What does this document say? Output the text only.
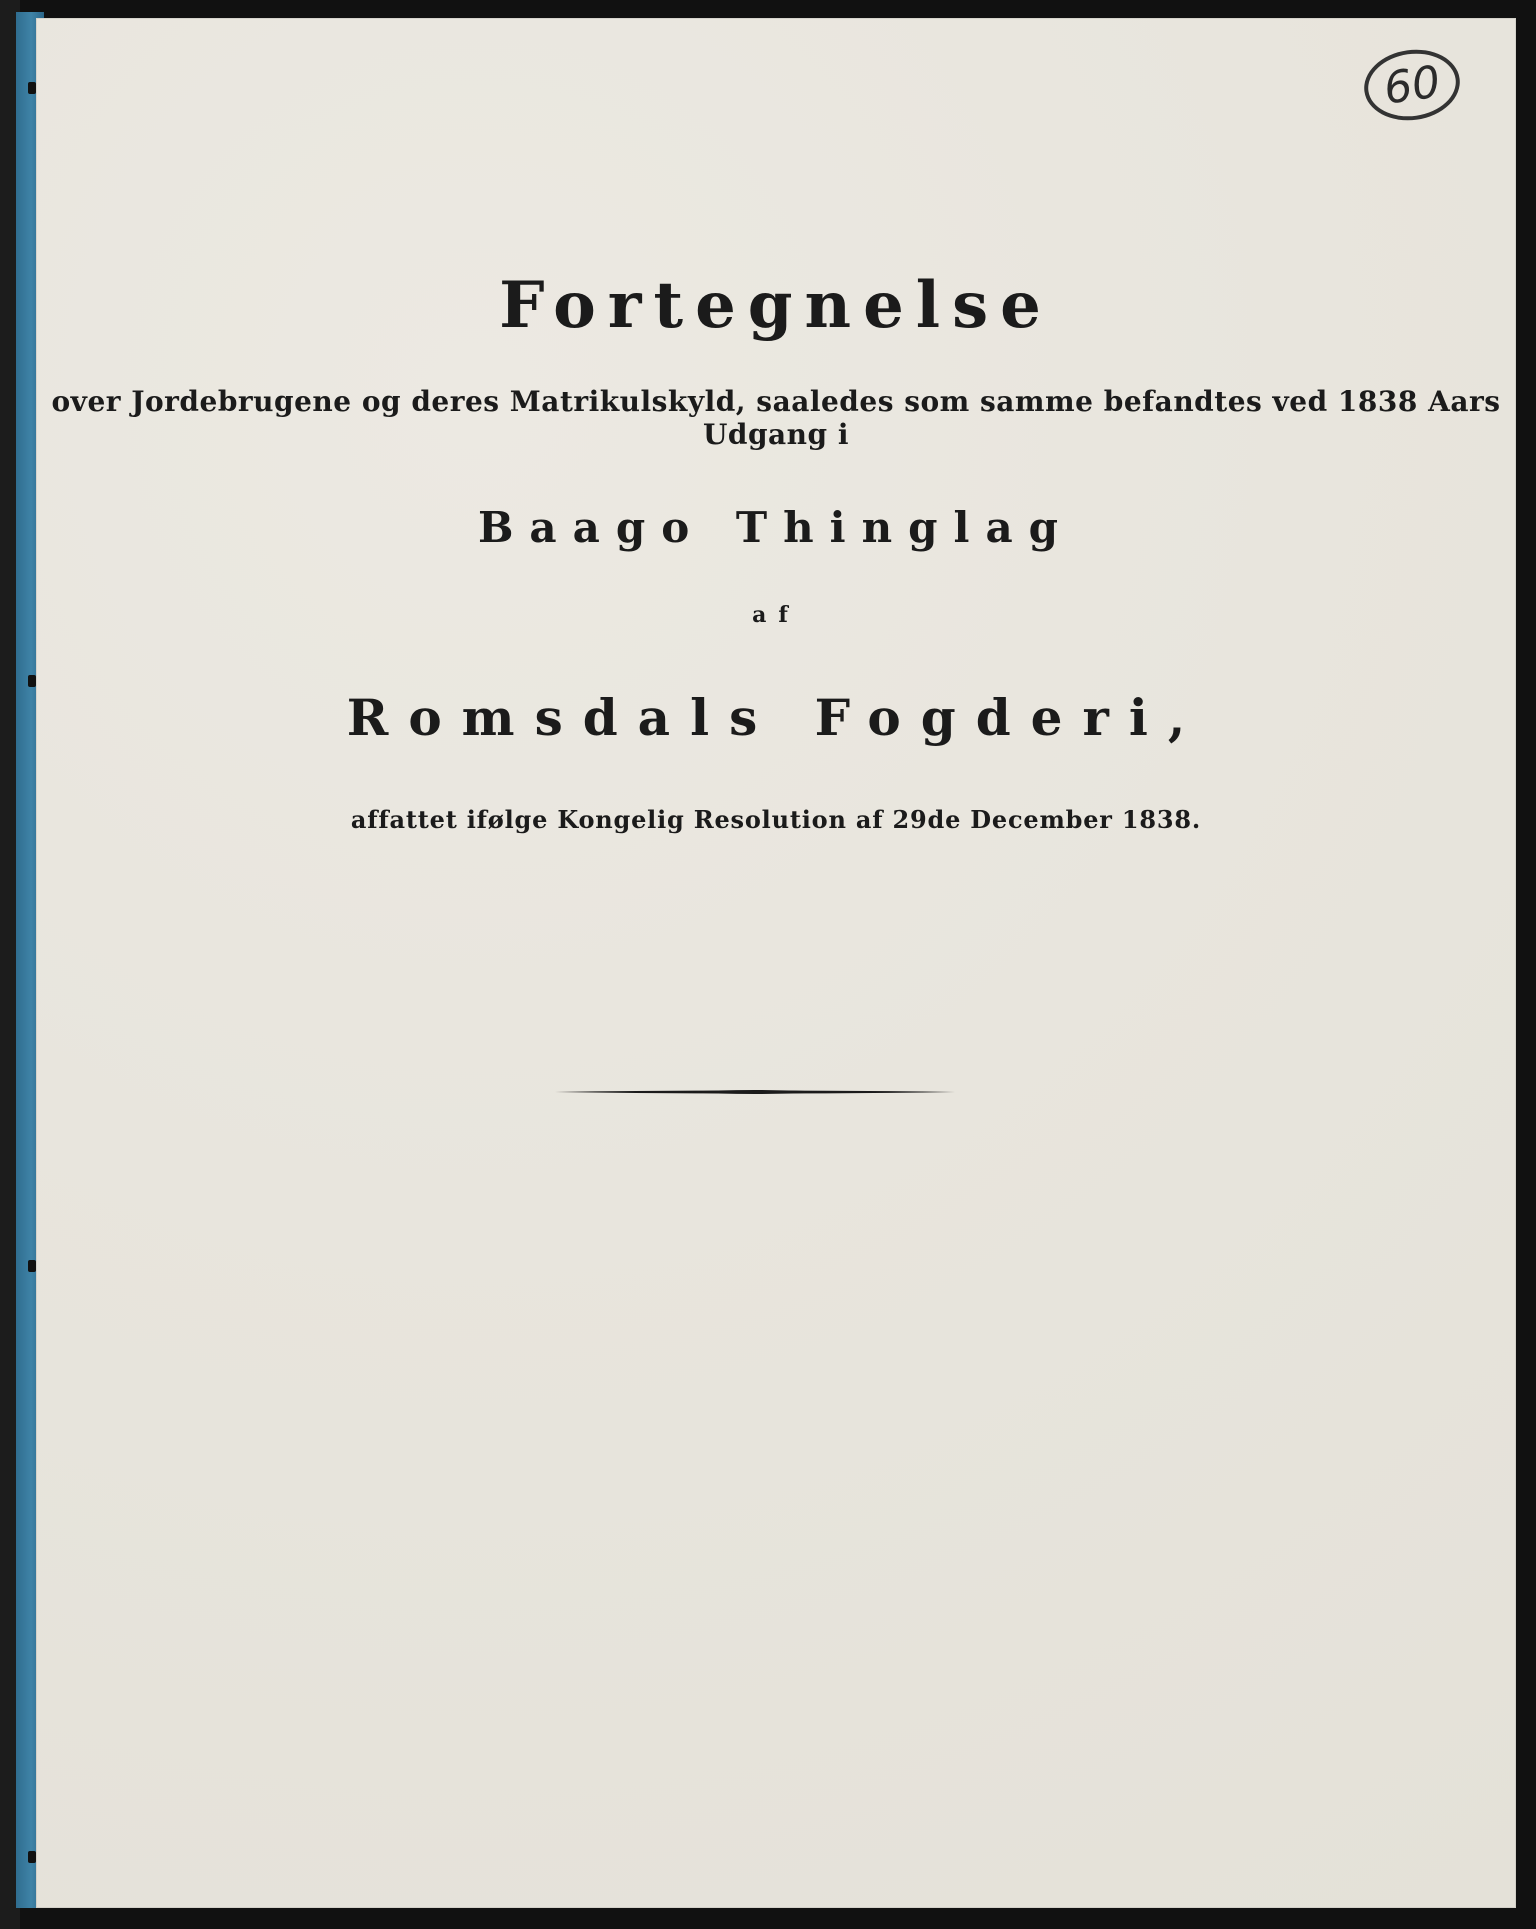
60
Fortegnelse
over Jordebrugene og deres Matrikulskyld, saaledes som samme befandtes ved 1838 Aars Udgang i
Baago Thinglag
af
Romsdals Fogderi,
affattet ifølge Kongelig Resolution af 29de December 1838.
